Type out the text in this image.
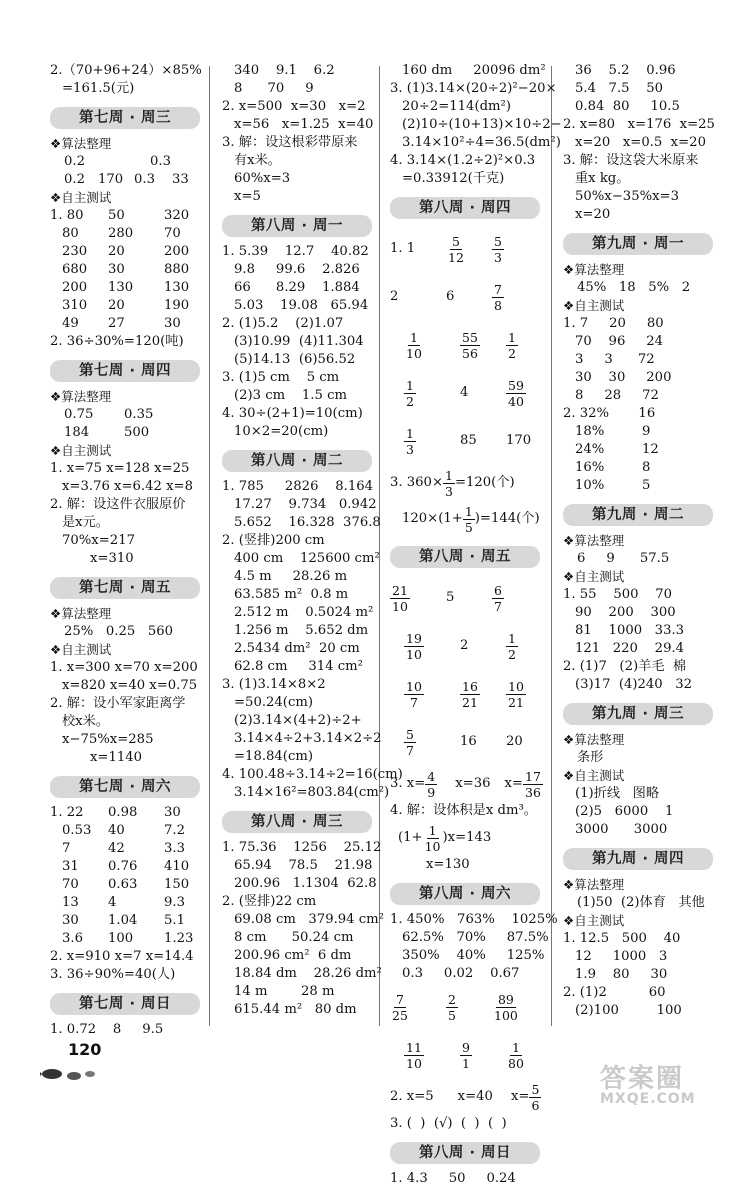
2.（70+96+24）×85%
=161.5(元)
第七周 · 周三
❖算法整理
0.2	0.3
0.2 170 0.3 33
❖自主测试
1. 80 50	320
80 280 70
230 20	200
680 30	880
200 130 130
310 20	190
49 27	30
2. 36÷30%=120(吨)
第七周 · 周四
❖算法整理
0.75 0.35
184	500
❖自主测试
1. x=75 x=128 x=25
x=3.76 x=6.42 x=8
2. 解：设这件衣服原价
是x元。
70%x=217
x=310
第七周 · 周五
❖算法整理
25%   0.25   560
❖自主测试
1. x=300 x=70 x=200
x=820 x=40 x=0.75
2. 解：设小军家距离学
校x米。
x−75%x=285
x=1140
第七周 · 周六
1. 22 0.98 30
0.53 40	7.2
7	42	3.3
31 0.76 410
70 0.63 150
13 4	9.3
30 1.04 5.1
3.6 100 1.23
2. x=910 x=7 x=14.4
3. 36÷90%=40(人)
第七周 · 周日
1. 0.72    8     9.5
340    9.1    6.2
8      70     9
2. x=500  x=30   x=2
x=56   x=1.25  x=40
3. 解：设这根彩带原来
有x米。
60%x=3
x=5
第八周 · 周一
1. 5.39    12.7    40.82
9.8     99.6    2.826
66      8.29    1.884
5.03    19.08   65.94
2. (1)5.2    (2)1.07
(3)10.99  (4)11.304
(5)14.13  (6)56.52
3. (1)5 cm    5 cm
(2)3 cm    1.5 cm
4. 30÷(2+1)=10(cm)
10×2=20(cm)
第八周 · 周二
1. 785     2826    8.164
17.27    9.734   0.942
5.652    16.328  376.8
2. (竖排)200 cm
400 cm    125600 cm²
4.5 m     28.26 m
63.585 m²  0.8 m
2.512 m    0.5024 m²
1.256 m    5.652 dm
2.5434 dm²  20 cm
62.8 cm     314 cm²
3. (1)3.14×8×2
=50.24(cm)
(2)3.14×(4+2)÷2+
3.14×4÷2+3.14×2÷2
=18.84(cm)
4. 100.48÷3.14÷2=16(cm)
3.14×16²=803.84(cm²)
第八周 · 周三
1. 75.36    1256    25.12
65.94    78.5    21.98
200.96   1.1304  62.8
2. (竖排)22 cm
69.08 cm   379.94 cm²
8 cm      50.24 cm
200.96 cm²  6 dm
18.84 dm    28.26 dm²
14 m        28 m
615.44 m²   80 dm
160 dm     20096 dm²
3. (1)3.14×(20÷2)²−20×
20÷2=114(dm²)
(2)10÷(10+13)×10÷2−
3.14×10²÷4=36.5(dm²)
4. 3.14×(1.2÷2)²×0.3
=0.33912(千克)
第八周 · 周四
1. 1	$\frac{5}{12} \frac{5}{3}$
2	6	$\frac{7}{8}$
$\frac{1}{10}$	$\frac{55}{56} \frac{1}{2}$
$\frac{1}{2}$	4	$\frac{59}{40}$
$\frac{1}{3}$	85	170
3. $360\times \frac{1}{3} =120$(个)
$120\times(1+ \frac{1}{5} )=144$(个)
第八周 · 周五
$\frac{21}{10}$	5	$\frac{6}{7}$
$\frac{19}{10}$	2	$\frac{1}{2}$
$\frac{10}{7}$	$\frac{16}{21} \frac{10}{21}$
$\frac{5}{7}$	16	20
3. $x= \frac{4}{9} x=36$ $x= \frac{17}{36}$
4. 解：设体积是x dm³。
$(1+ \frac{1}{10} )x=143$
x=130
第八周 · 周六
1. 450%   763%    1025%
62.5%   70%     87.5%
350%    40%     125%
0.3     0.02    0.67
$\frac{7}{25}$	$\frac{2}{5}$	$\frac{89}{100}$
$\frac{11}{10}$	$\frac{9}{1}$	$\frac{1}{80}$
2. x=5 x=40 $x= \frac{5}{6}$
3. (  )  (√)  (  )  (  )
第八周 · 周日
1. 4.3     50     0.24
36    5.2    0.96
5.4   7.5    50
0.84  80     10.5
2. x=80   x=176  x=25
x=20   x=0.5  x=20
3. 解：设这袋大米原来
重x kg。
50%x−35%x=3
x=20
第九周 · 周一
❖算法整理
45%   18   5%   2
❖自主测试
1. 7     20     80
70    96     24
3     3      72
30    30     200
8     28     72
2. 32%       16
18%         9
24%         12
16%         8
10%         5
第九周 · 周二
❖算法整理
6     9      57.5
❖自主测试
1. 55    500    70
90    200    300
81    1000   33.3
121   220    29.4
2. (1)7   (2)羊毛  棉
(3)17  (4)240   32
第九周 · 周三
❖算法整理
条形
❖自主测试
(1)折线   图略
(2)5   6000    1
3000      3000
第九周 · 周四
❖算法整理
(1)50  (2)体育   其他
❖自主测试
1. 12.5   500    40
12     1000   3
1.9    80     30
2. (1)2          60
(2)100         100
120
答案圈
MXQE.COM
